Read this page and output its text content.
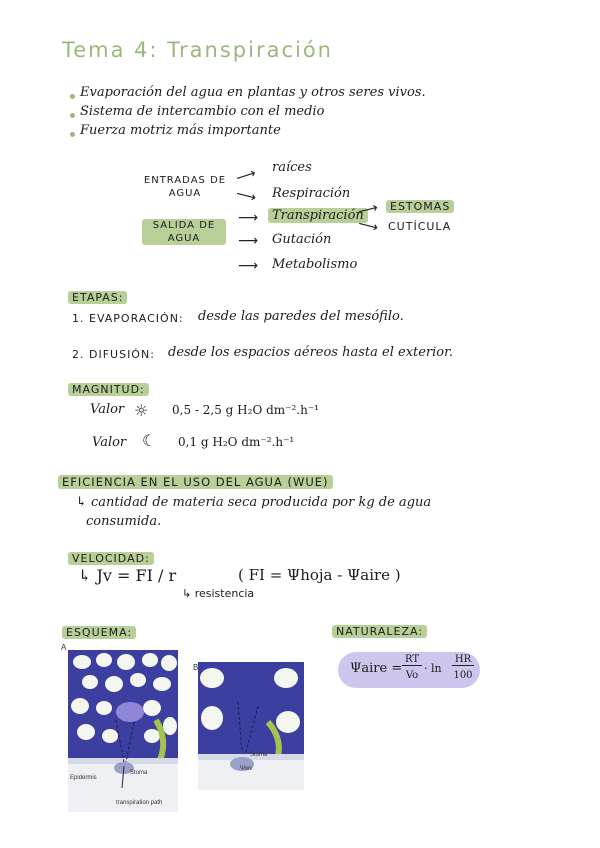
Tema 4: Transpiración
Evaporación del agua en plantas y otros seres vivos.
Sistema de intercambio con el medio
Fuerza motriz más importante
ENTRADAS DE AGUA
⟶ raíces
⟶ Respiración
SALIDA DE AGUA
⟶	Transpiración
⟶ Gutación
⟶ Metabolismo
⟶ ESTOMAS
⟶ CUTÍCULA
ETAPAS:
1. EVAPORACIÓN: desde las paredes del mesófilo.
2. DIFUSIÓN: desde los espacios aéreos hasta el exterior.
MAGNITUD:
Valor ☼ 0,5 - 2,5 g H₂O dm⁻².h⁻¹
Valor ☾ 0,1 g H₂O dm⁻².h⁻¹
EFICIENCIA EN EL USO DEL AGUA (WUE)
↳ cantidad de materia seca producida por kg de agua
consumida.
VELOCIDAD:
↳ Jv = FI / r
↳ resistencia
( FI = Ψhoja - Ψaire )
ESQUEMA:
A
Epidermis
Stoma
transpiration path
B
Stoma
Ψwv
NATURALEZA:
Ψaire =
RT
Vo
· ln
HR
100
